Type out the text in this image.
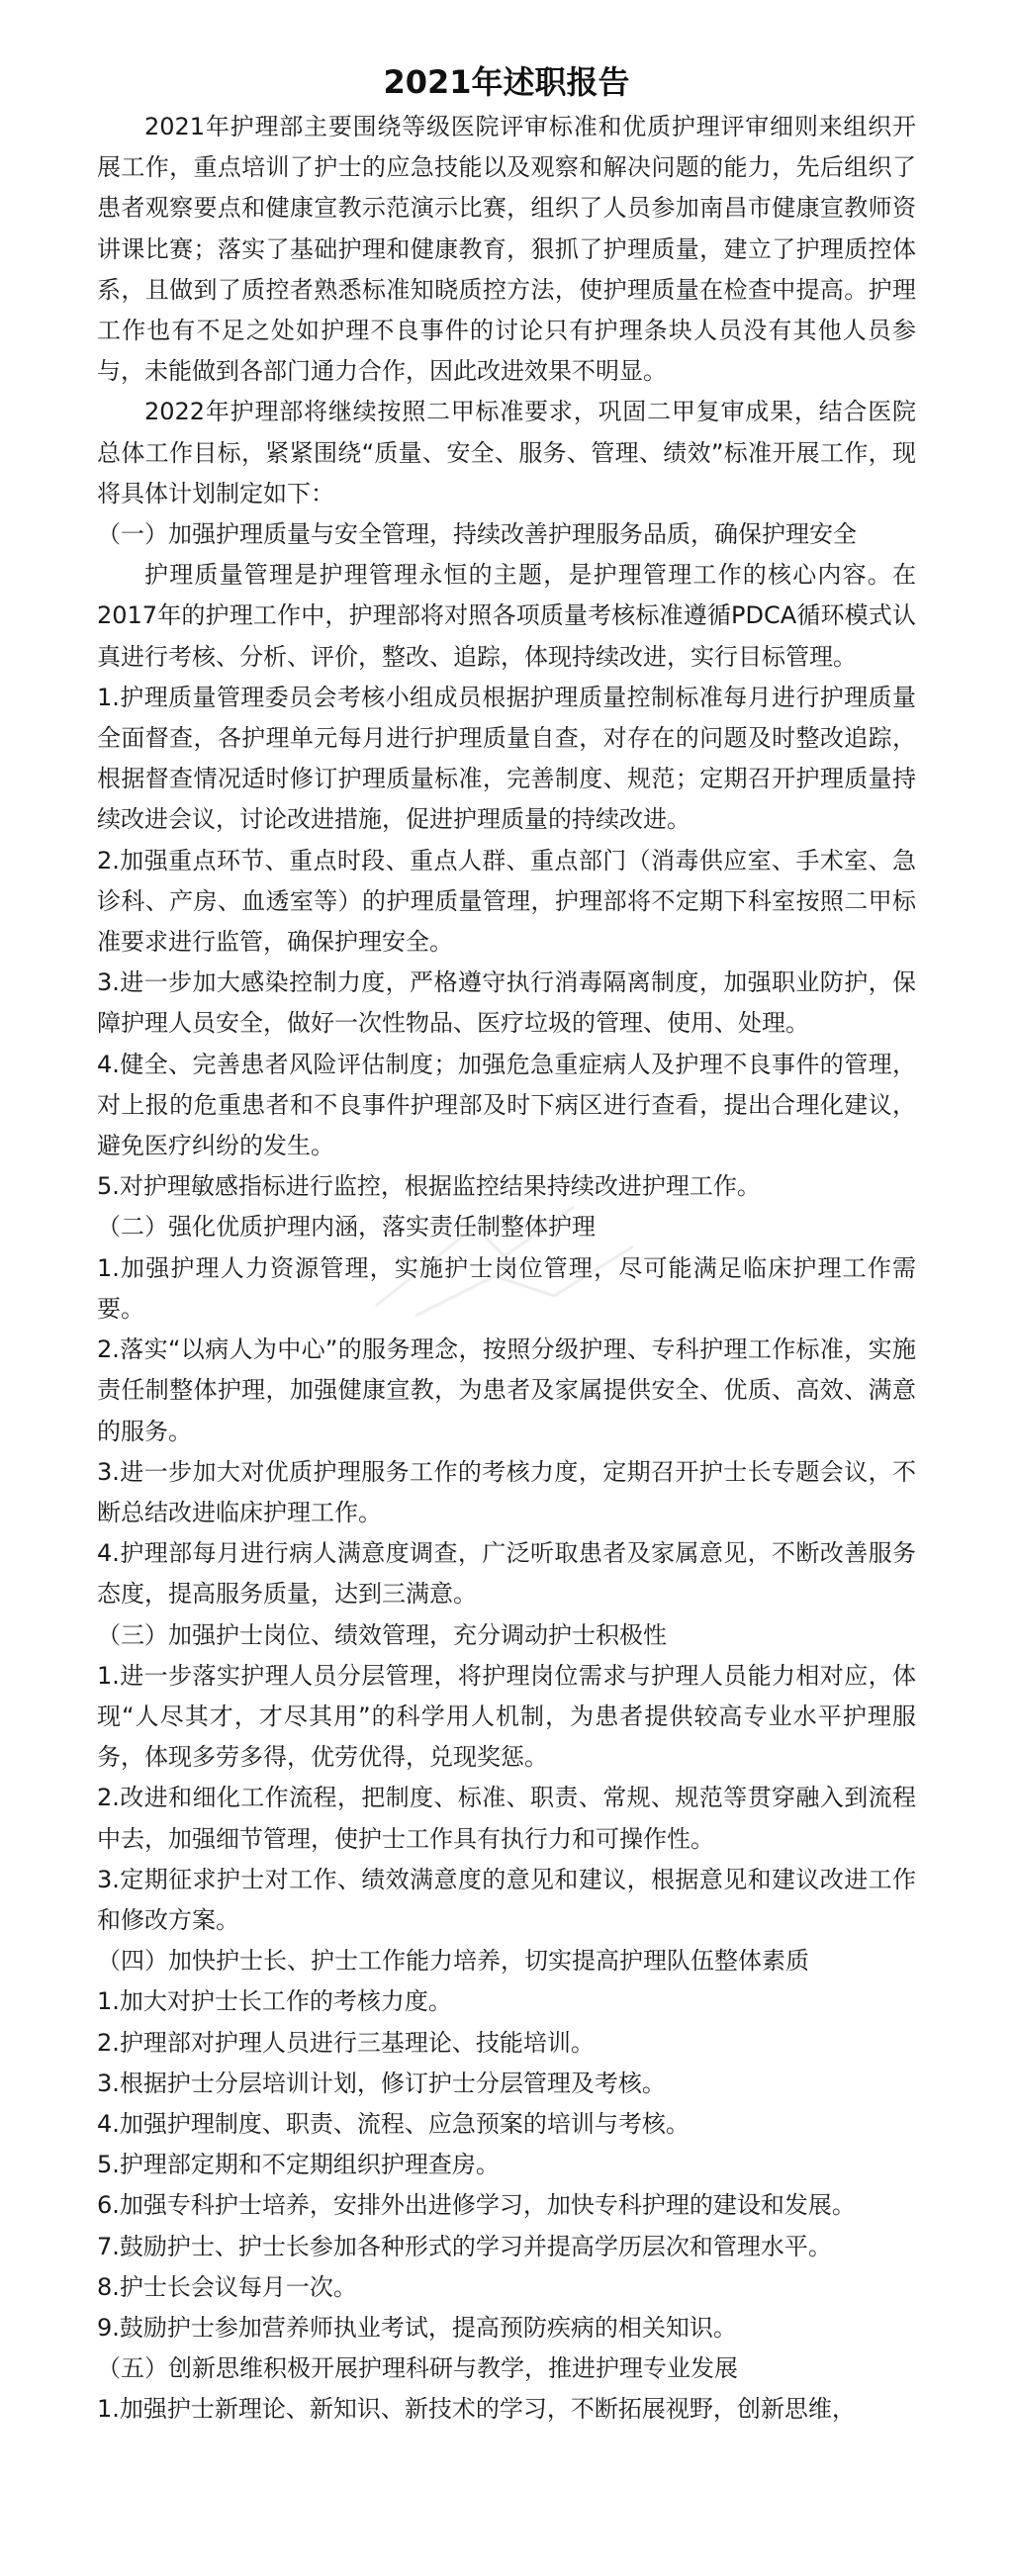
2021年述职报告

2021年护理部主要围绕等级医院评审标准和优质护理评审细则来组织开展工作，重点培训了护士的应急技能以及观察和解决问题的能力，先后组织了患者观察要点和健康宣教示范演示比赛，组织了人员参加南昌市健康宣教师资讲课比赛；落实了基础护理和健康教育，狠抓了护理质量，建立了护理质控体系，且做到了质控者熟悉标准知晓质控方法，使护理质量在检查中提高。护理工作也有不足之处如护理不良事件的讨论只有护理条块人员没有其他人员参与，未能做到各部门通力合作，因此改进效果不明显。

2022年护理部将继续按照二甲标准要求，巩固二甲复审成果，结合医院总体工作目标，紧紧围绕“质量、安全、服务、管理、绩效”标准开展工作，现将具体计划制定如下：

（一）加强护理质量与安全管理，持续改善护理服务品质，确保护理安全

护理质量管理是护理管理永恒的主题，是护理管理工作的核心内容。在2017年的护理工作中，护理部将对照各项质量考核标准遵循PDCA循环模式认真进行考核、分析、评价，整改、追踪，体现持续改进，实行目标管理。

1.护理质量管理委员会考核小组成员根据护理质量控制标准每月进行护理质量全面督查，各护理单元每月进行护理质量自查，对存在的问题及时整改追踪，根据督查情况适时修订护理质量标准，完善制度、规范；定期召开护理质量持续改进会议，讨论改进措施，促进护理质量的持续改进。

2.加强重点环节、重点时段、重点人群、重点部门（消毒供应室、手术室、急诊科、产房、血透室等）的护理质量管理，护理部将不定期下科室按照二甲标准要求进行监管，确保护理安全。

3.进一步加大感染控制力度，严格遵守执行消毒隔离制度，加强职业防护，保障护理人员安全，做好一次性物品、医疗垃圾的管理、使用、处理。

4.健全、完善患者风险评估制度；加强危急重症病人及护理不良事件的管理，对上报的危重患者和不良事件护理部及时下病区进行查看，提出合理化建议，避免医疗纠纷的发生。

5.对护理敏感指标进行监控，根据监控结果持续改进护理工作。

（二）强化优质护理内涵，落实责任制整体护理

1.加强护理人力资源管理，实施护士岗位管理，尽可能满足临床护理工作需要。

2.落实“以病人为中心”的服务理念，按照分级护理、专科护理工作标准，实施责任制整体护理，加强健康宣教，为患者及家属提供安全、优质、高效、满意的服务。

3.进一步加大对优质护理服务工作的考核力度，定期召开护士长专题会议，不断总结改进临床护理工作。

4.护理部每月进行病人满意度调查，广泛听取患者及家属意见，不断改善服务态度，提高服务质量，达到三满意。

（三）加强护士岗位、绩效管理，充分调动护士积极性

1.进一步落实护理人员分层管理，将护理岗位需求与护理人员能力相对应，体现“人尽其才，才尽其用”的科学用人机制，为患者提供较高专业水平护理服务，体现多劳多得，优劳优得，兑现奖惩。

2.改进和细化工作流程，把制度、标准、职责、常规、规范等贯穿融入到流程中去，加强细节管理，使护士工作具有执行力和可操作性。

3.定期征求护士对工作、绩效满意度的意见和建议，根据意见和建议改进工作和修改方案。

（四）加快护士长、护士工作能力培养，切实提高护理队伍整体素质

1.加大对护士长工作的考核力度。

2.护理部对护理人员进行三基理论、技能培训。

3.根据护士分层培训计划，修订护士分层管理及考核。

4.加强护理制度、职责、流程、应急预案的培训与考核。

5.护理部定期和不定期组织护理查房。

6.加强专科护士培养，安排外出进修学习，加快专科护理的建设和发展。

7.鼓励护士、护士长参加各种形式的学习并提高学历层次和管理水平。

8.护士长会议每月一次。

9.鼓励护士参加营养师执业考试，提高预防疾病的相关知识。

（五）创新思维积极开展护理科研与教学，推进护理专业发展

1.加强护士新理论、新知识、新技术的学习，不断拓展视野，创新思维，
